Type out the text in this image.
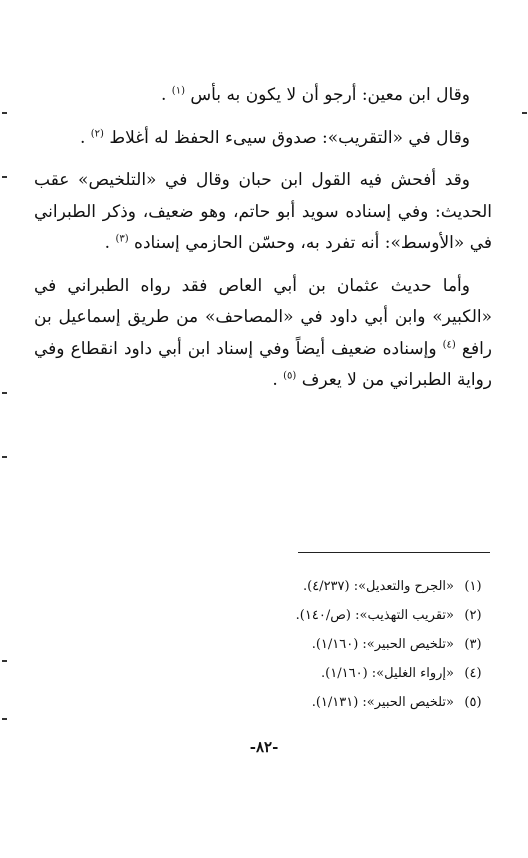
وقال ابن معين: أرجو أن لا يكون به بأس $^{(١)}$ .

وقال في «التقريب»: صدوق سيىء الحفظ له أغلاط $^{(٢)}$ .

وقد أفحش فيه القول ابن حبان وقال في «التلخيص» عقب الحديث: وفي إسناده سويد أبو حاتم، وهو ضعيف، وذكر الطبراني في «الأوسط»: أنه تفرد به، وحسّن الحازمي إسناده $^{(٣)}$ .

وأما حديث عثمان بن أبي العاص فقد رواه الطبراني في «الكبير» وابن أبي داود في «المصاحف» من طريق إسماعيل بن رافع $^{(٤)}$ وإسناده ضعيف أيضاً وفي إسناد ابن أبي داود انقطاع وفي رواية الطبراني من لا يعرف $^{(٥)}$ .

(١)
«الجرح والتعديل»: (٤/٢٣٧).
(٢)
«تقريب التهذيب»: (ص/١٤٠).
(٣)
«تلخيص الحبير»: (١/١٦٠).
(٤)
«إرواء الغليل»: (١/١٦٠).
(٥)
«تلخيص الحبير»: (١/١٣١).
-٨٢-
